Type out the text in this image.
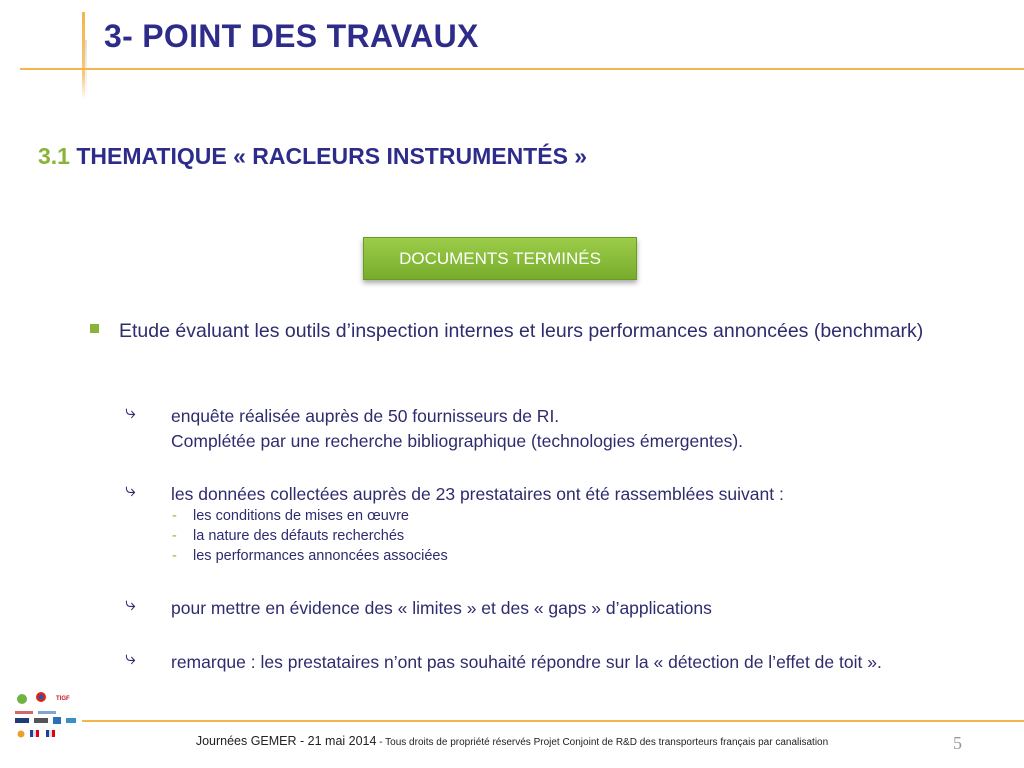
3- POINT DES TRAVAUX
3.1 THEMATIQUE « RACLEURS INSTRUMENTÉS »
DOCUMENTS TERMINÉS
Etude évaluant les outils d’inspection internes et leurs performances annoncées (benchmark)
⤷ enquête réalisée auprès de 50 fournisseurs de RI.
Complétée par une recherche bibliographique (technologies émergentes).
⤷ les données collectées auprès de 23 prestataires ont été rassemblées suivant :
- les conditions de mises en œuvre
- la nature des défauts recherchés
- les performances annoncées associées
⤷ pour mettre en évidence des « limites » et des « gaps » d’applications
⤷ remarque : les prestataires n’ont pas souhaité répondre sur la « détection de l’effet de toit ».
TIGF
Journées GEMER - 21 mai 2014 - Tous droits de propriété réservés Projet Conjoint de R&D des transporteurs français par canalisation	5
